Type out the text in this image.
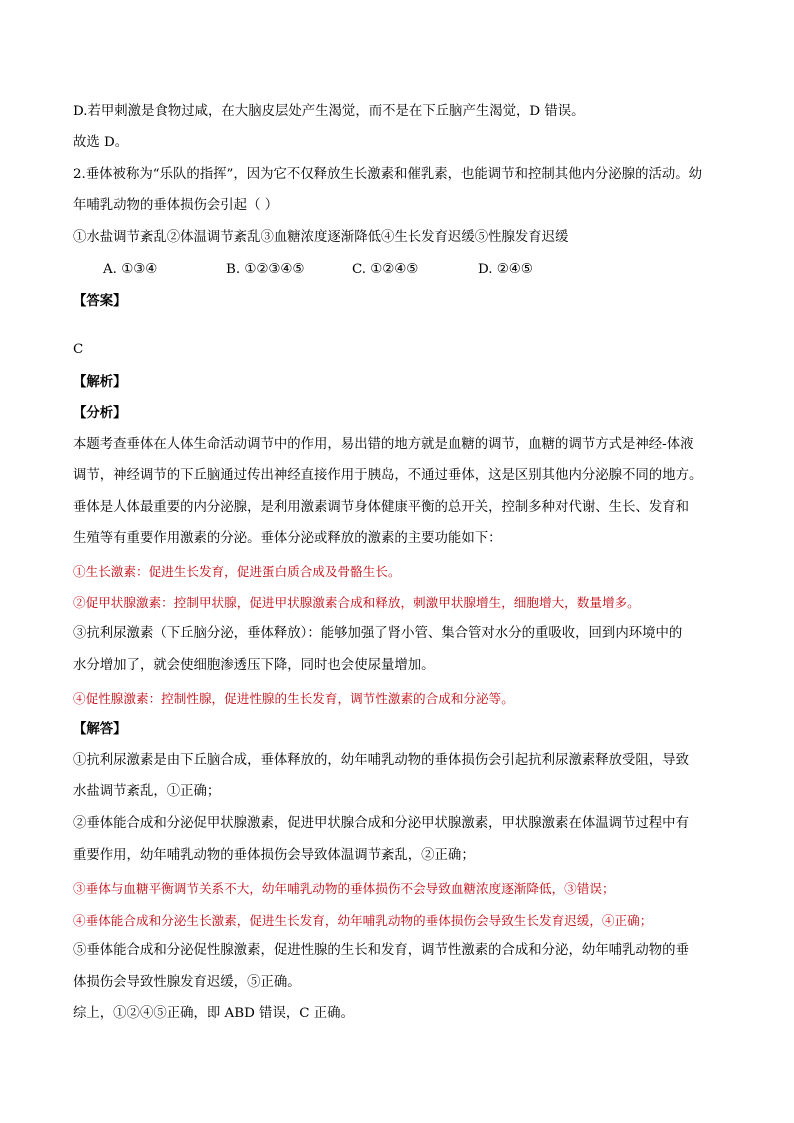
D.若甲刺激是食物过咸，在大脑皮层处产生渴觉，而不是在下丘脑产生渴觉，D 错误。
故选 D。
2.垂体被称为“乐队的指挥”，因为它不仅释放生长激素和催乳素，也能调节和控制其他内分泌腺的活动。幼
年哺乳动物的垂体损伤会引起（ ）
①水盐调节紊乱②体温调节紊乱③血糖浓度逐渐降低④生长发育迟缓⑤性腺发育迟缓
A. ①③④	B. ①②③④⑤	C. ①②④⑤	D. ②④⑤
【答案】
C
【解析】
【分析】
本题考查垂体在人体生命活动调节中的作用，易出错的地方就是血糖的调节，血糖的调节方式是神经-体液
调节，神经调节的下丘脑通过传出神经直接作用于胰岛，不通过垂体，这是区别其他内分泌腺不同的地方。
垂体是人体最重要的内分泌腺，是利用激素调节身体健康平衡的总开关，控制多种对代谢、生长、发育和
生殖等有重要作用激素的分泌。垂体分泌或释放的激素的主要功能如下：
①生长激素：促进生长发育，促进蛋白质合成及骨骼生长。
②促甲状腺激素：控制甲状腺，促进甲状腺激素合成和释放，刺激甲状腺增生，细胞增大，数量增多。
③抗利尿激素（下丘脑分泌，垂体释放）：能够加强了肾小管、集合管对水分的重吸收，回到内环境中的
水分增加了，就会使细胞渗透压下降，同时也会使尿量增加。
④促性腺激素：控制性腺，促进性腺的生长发育，调节性激素的合成和分泌等。
【解答】
①抗利尿激素是由下丘脑合成，垂体释放的，幼年哺乳动物的垂体损伤会引起抗利尿激素释放受阻，导致
水盐调节紊乱，①正确；
②垂体能合成和分泌促甲状腺激素，促进甲状腺合成和分泌甲状腺激素，甲状腺激素在体温调节过程中有
重要作用，幼年哺乳动物的垂体损伤会导致体温调节紊乱，②正确；
③垂体与血糖平衡调节关系不大，幼年哺乳动物的垂体损伤不会导致血糖浓度逐渐降低，③错误；
④垂体能合成和分泌生长激素，促进生长发育，幼年哺乳动物的垂体损伤会导致生长发育迟缓，④正确；
⑤垂体能合成和分泌促性腺激素，促进性腺的生长和发育，调节性激素的合成和分泌，幼年哺乳动物的垂
体损伤会导致性腺发育迟缓，⑤正确。
综上，①②④⑤正确，即 ABD 错误，C 正确。
